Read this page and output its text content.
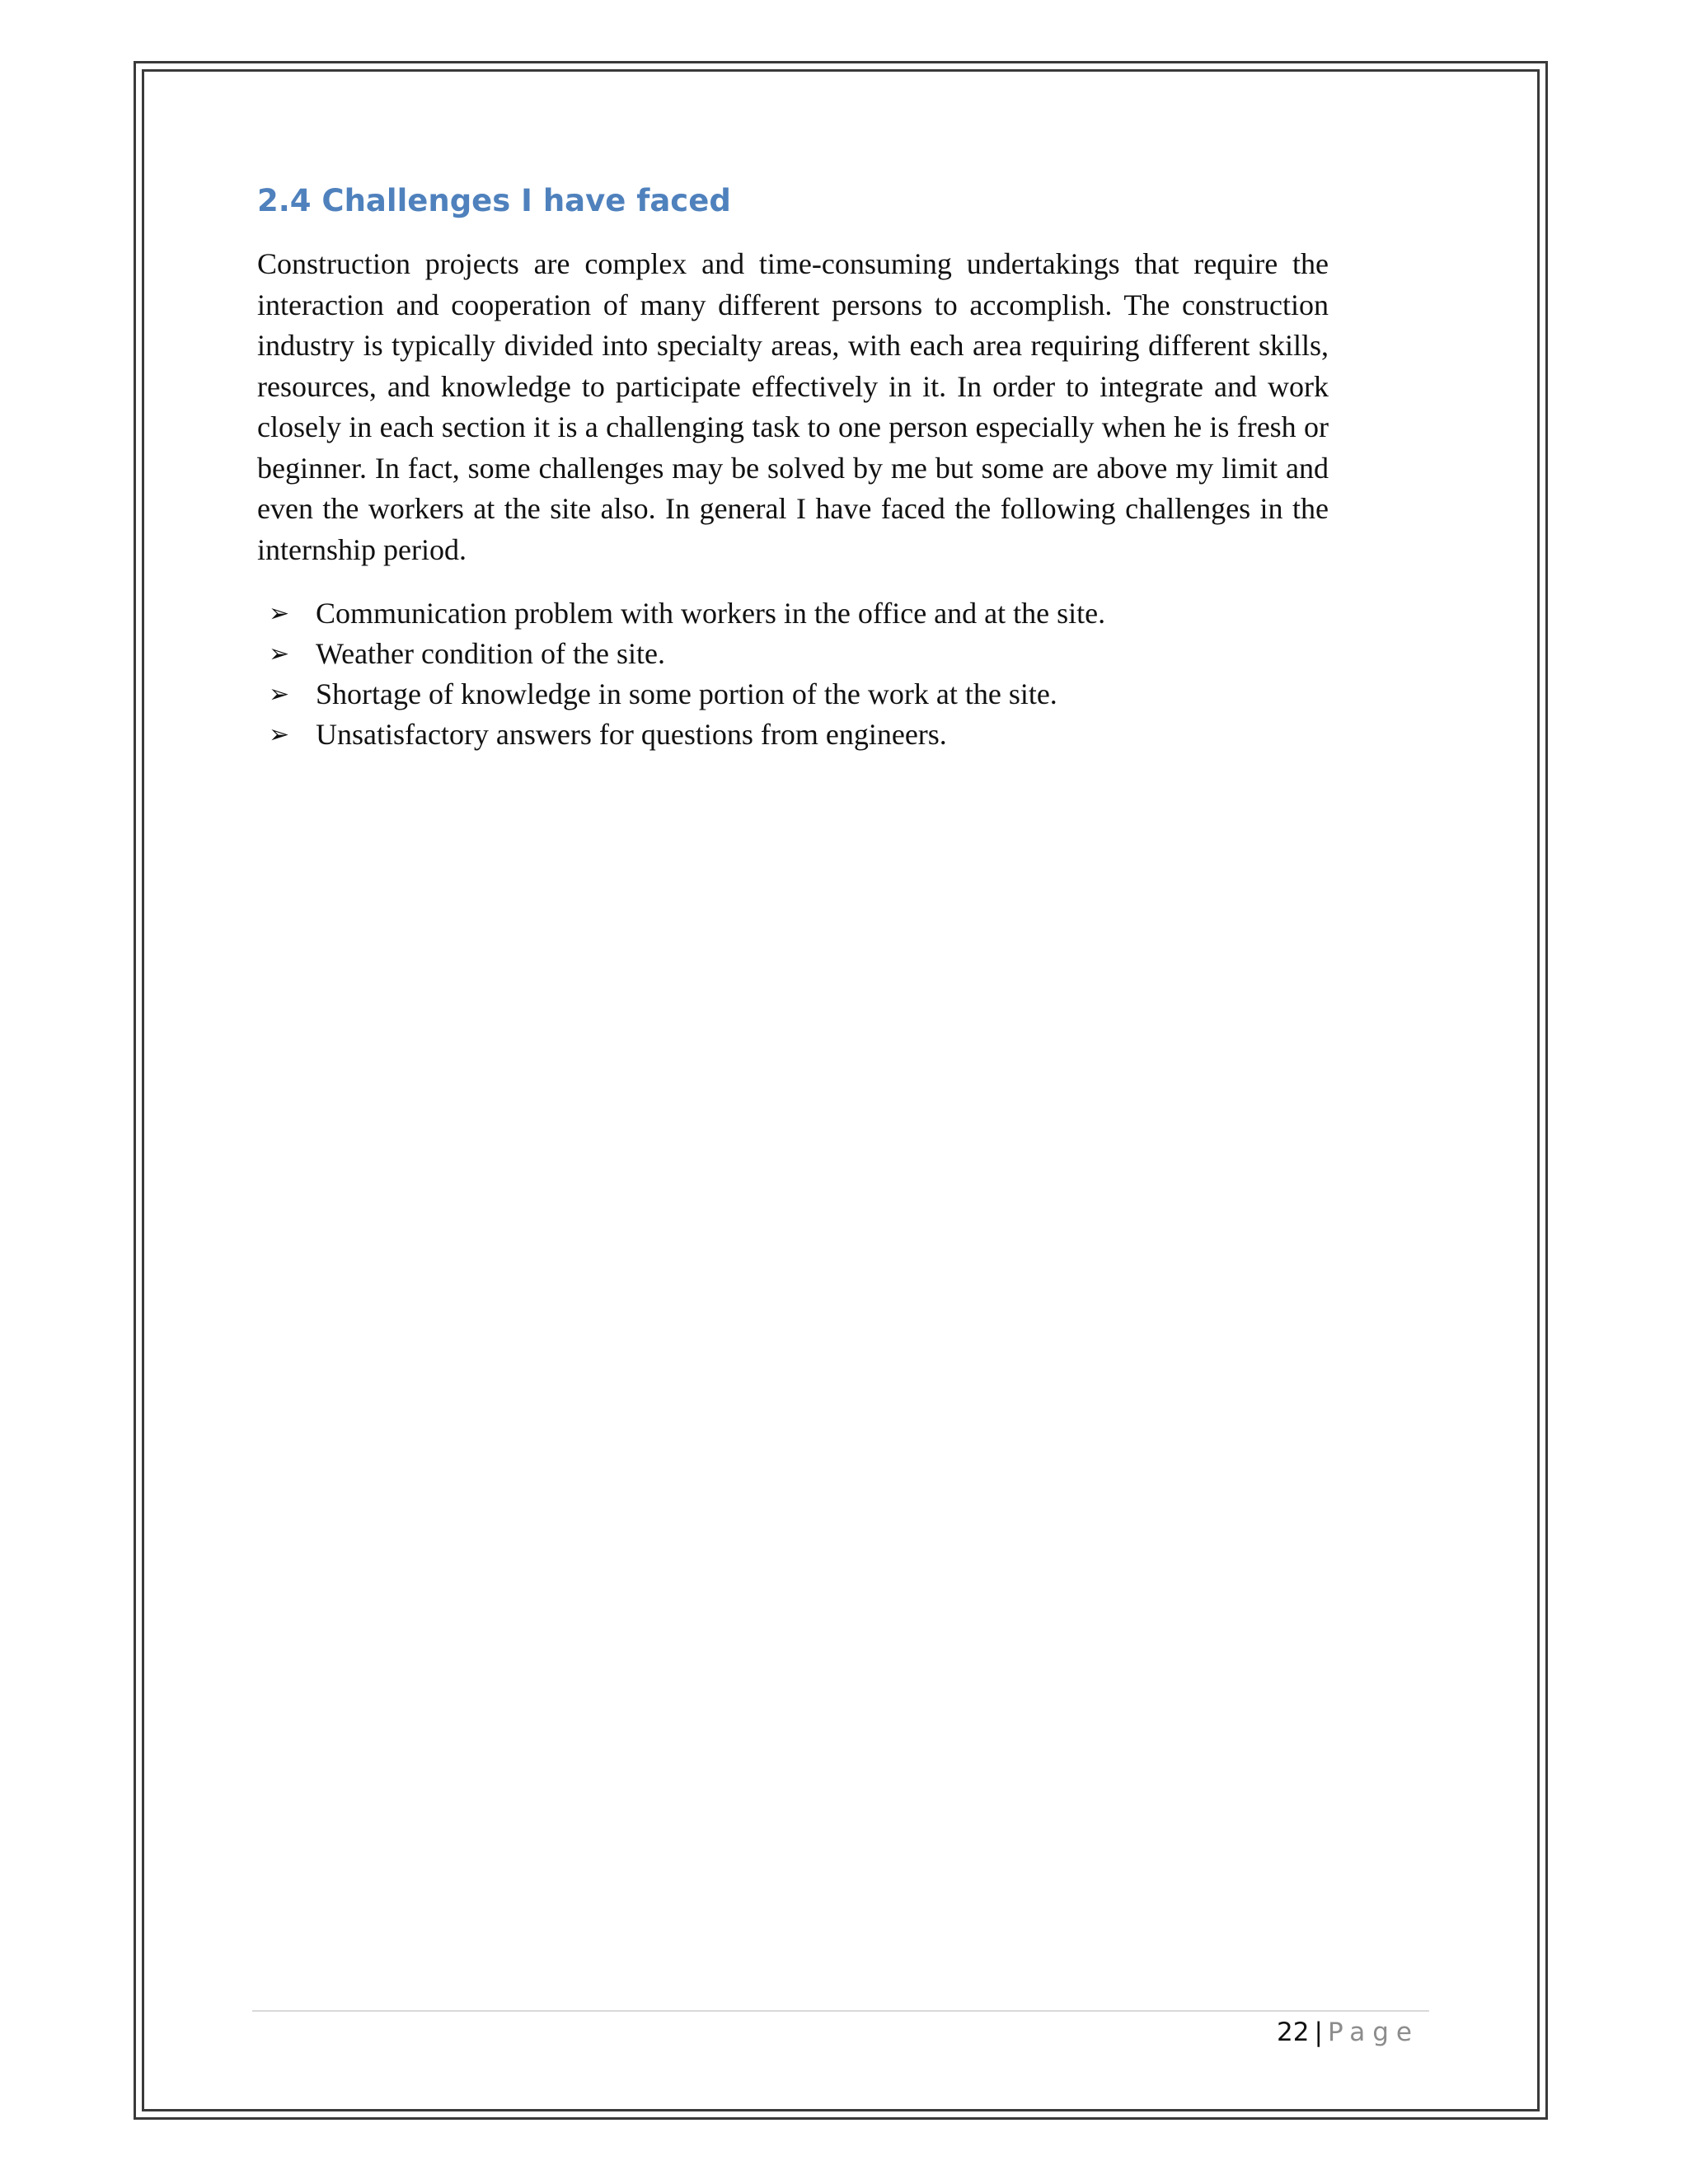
2.4 Challenges I have faced

Construction projects are complex and time-consuming undertakings that require the interaction and cooperation of many different persons to accomplish. The construction industry is typically divided into specialty areas, with each area requiring different skills, resources, and knowledge to participate effectively in it. In order to integrate and work closely in each section it is a challenging task to one person especially when he is fresh or beginner. In fact, some challenges may be solved by me but some are above my limit and even the workers at the site also. In general I have faced the following challenges in the internship period.

➢ Communication problem with workers in the office and at the site.
➢ Weather condition of the site.
➢ Shortage of knowledge in some portion of the work at the site.
➢ Unsatisfactory answers for questions from engineers.
22 | Page
